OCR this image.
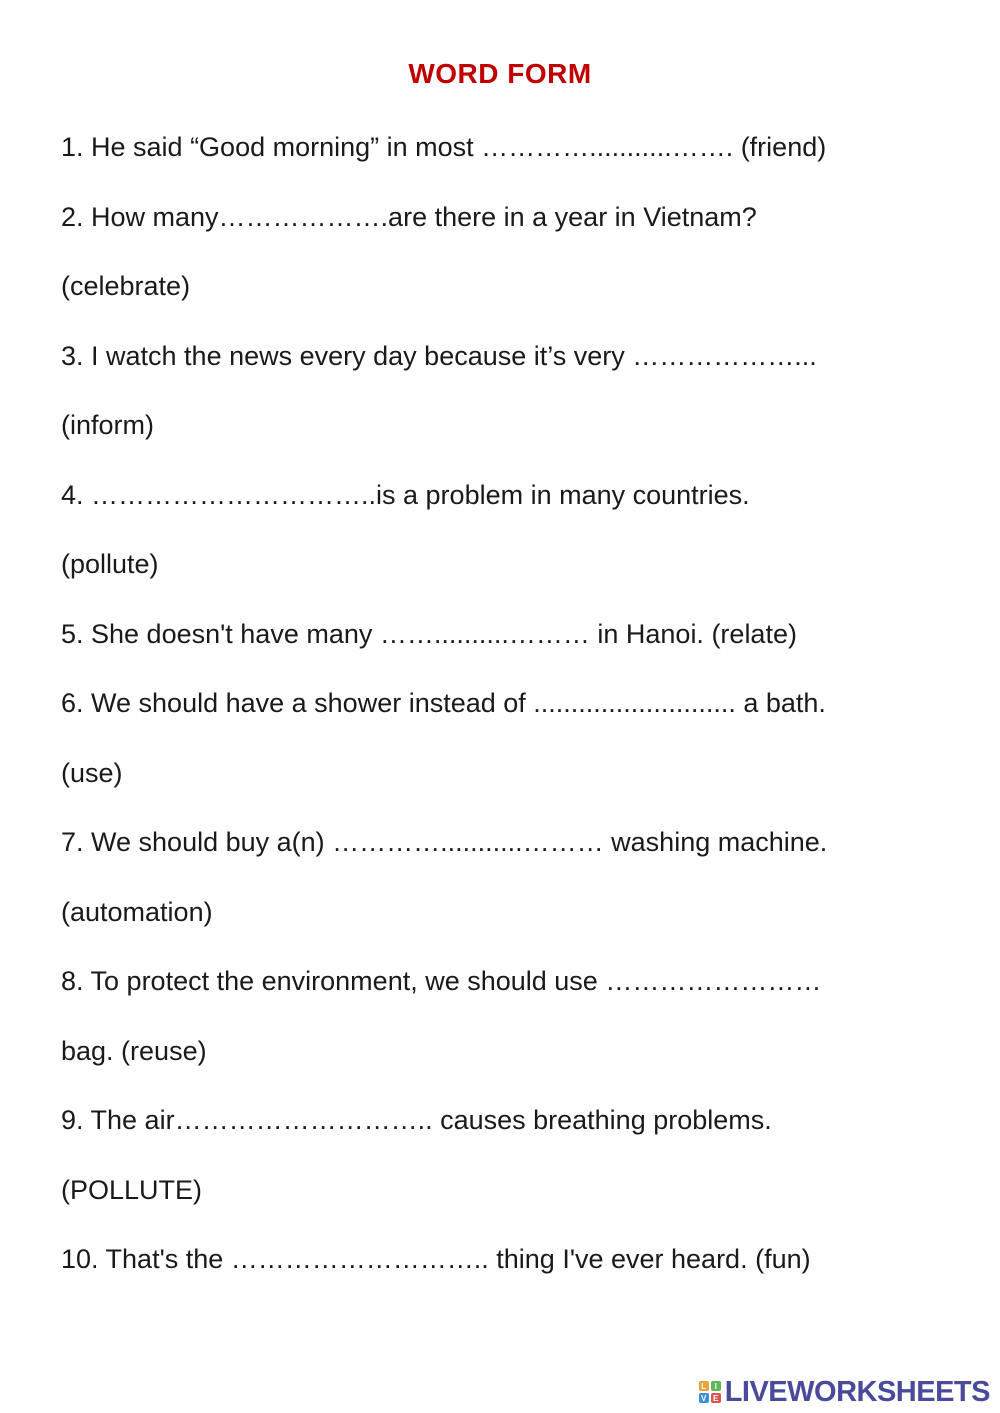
WORD FORM
1. He said “Good morning” in most …………...........……. (friend)
2. How many……………….are there in a year in Vietnam?
(celebrate)
3. I watch the news every day because it’s very ………………...
(inform)
4. …………………………..is a problem in many countries.
(pollute)
5. She doesn't have many ……..........……… in Hanoi. (relate)
6. We should have a shower instead of ........................... a bath.
(use)
7. We should buy a(n) …………...........……… washing machine.
(automation)
8. To protect the environment, we should use ……………………
bag. (reuse)
9. The air……………………….. causes breathing problems.
(POLLUTE)
10. That's the ……………………….. thing I've ever heard. (fun)
L	I
V E LIVEWORKSHEETS
